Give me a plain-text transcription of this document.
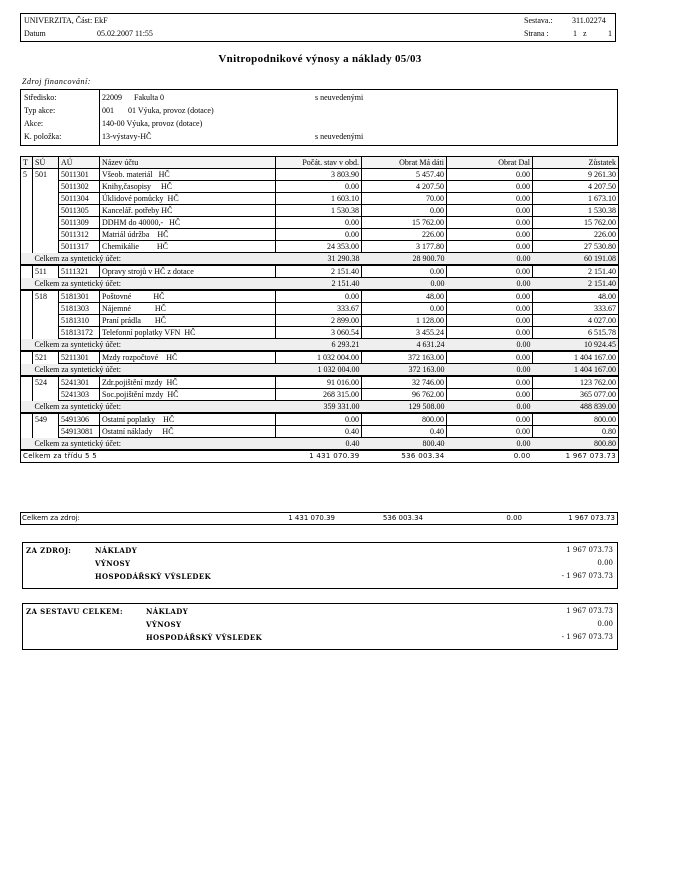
UNIVERZITA, Část: EkF
Datum	05.02.2007 11:55
Sestava.: 311.02274
Strana :	1 z	1
Vnitropodnikové výnosy a náklady 05/03
Zdroj financování:
Středisko:	22009      Fakulta 0	s neuvedenými
Typ akce:	001       01 Výuka, provoz (dotace)
Akce:	140-00 Výuka, provoz (dotace)
K. položka:	13-výstavy-HČ	s neuvedenými
T	SÚ	AÚ	Název účtu	Počát. stav v obd.	Obrat Má dáti	Obrat Dal	Zůstatek
5	501	5011301	Všeob. materiál   HČ	3 803.90	5 457.40	0.00	9 261.30
		5011302	Knihy,časopisy     HČ	0.00	4 207.50	0.00	4 207.50
		5011304	Úklidové pomůcky  HČ	1 603.10	70.00	0.00	1 673.10
		5011305	Kancelář. potřeby HČ	1 530.38	0.00	0.00	1 530.38
		5011309	DDHM do 40000,-   HČ	0.00	15 762.00	0.00	15 762.00
		5011312	Matriál údržba    HČ	0.00	226.00	0.00	226.00
		5011317	Chemikálie         HČ	24 353.00	3 177.80	0.00	27 530.80
	Celkem za syntetický účet:			31 290.38	28 900.70	0.00	60 191.08
	511	5111321	Opravy strojů v HČ z dotace	2 151.40	0.00	0.00	2 151.40
	Celkem za syntetický účet:			2 151.40	0.00	0.00	2 151.40
	518	5181301	Poštovné           HČ	0.00	48.00	0.00	48.00
		5181303	Nájemné            HČ	333.67	0.00	0.00	333.67
		5181310	Praní prádla       HČ	2 899.00	1 128.00	0.00	4 027.00
		51813172	Telefonní poplatky VFN  HČ	3 060.54	3 455.24	0.00	6 515.78
	Celkem za syntetický účet:			6 293.21	4 631.24	0.00	10 924.45
	521	5211301	Mzdy rozpočtové    HČ	1 032 004.00	372 163.00	0.00	1 404 167.00
	Celkem za syntetický účet:			1 032 004.00	372 163.00	0.00	1 404 167.00
	524	5241301	Zdr.pojištění mzdy  HČ	91 016.00	32 746.00	0.00	123 762.00
		5241303	Soc.pojištění mzdy  HČ	268 315.00	96 762.00	0.00	365 077.00
	Celkem za syntetický účet:			359 331.00	129 508.00	0.00	488 839.00
	549	5491306	Ostatní poplatky    HČ	0.00	800.00	0.00	800.00
		54913081	Ostatní náklady     HČ	0.40	0.40	0.00	0.80
	Celkem za syntetický účet:			0.40	800.40	0.00	800.80
Celkem za třídu 5 5				1 431 070.39	536 003.34	0.00	1 967 073.73
Celkem za zdroj:	1 431 070.39	536 003.34	0.00	1 967 073.73
ZA ZDROJ:	NÁKLADY	1 967 073.73
VÝNOSY	0.00
HOSPODÁŘSKÝ VÝSLEDEK	- 1 967 073.73
ZA SESTAVU CELKEM:	NÁKLADY	1 967 073.73
VÝNOSY	0.00
HOSPODÁŘSKÝ VÝSLEDEK	- 1 967 073.73
